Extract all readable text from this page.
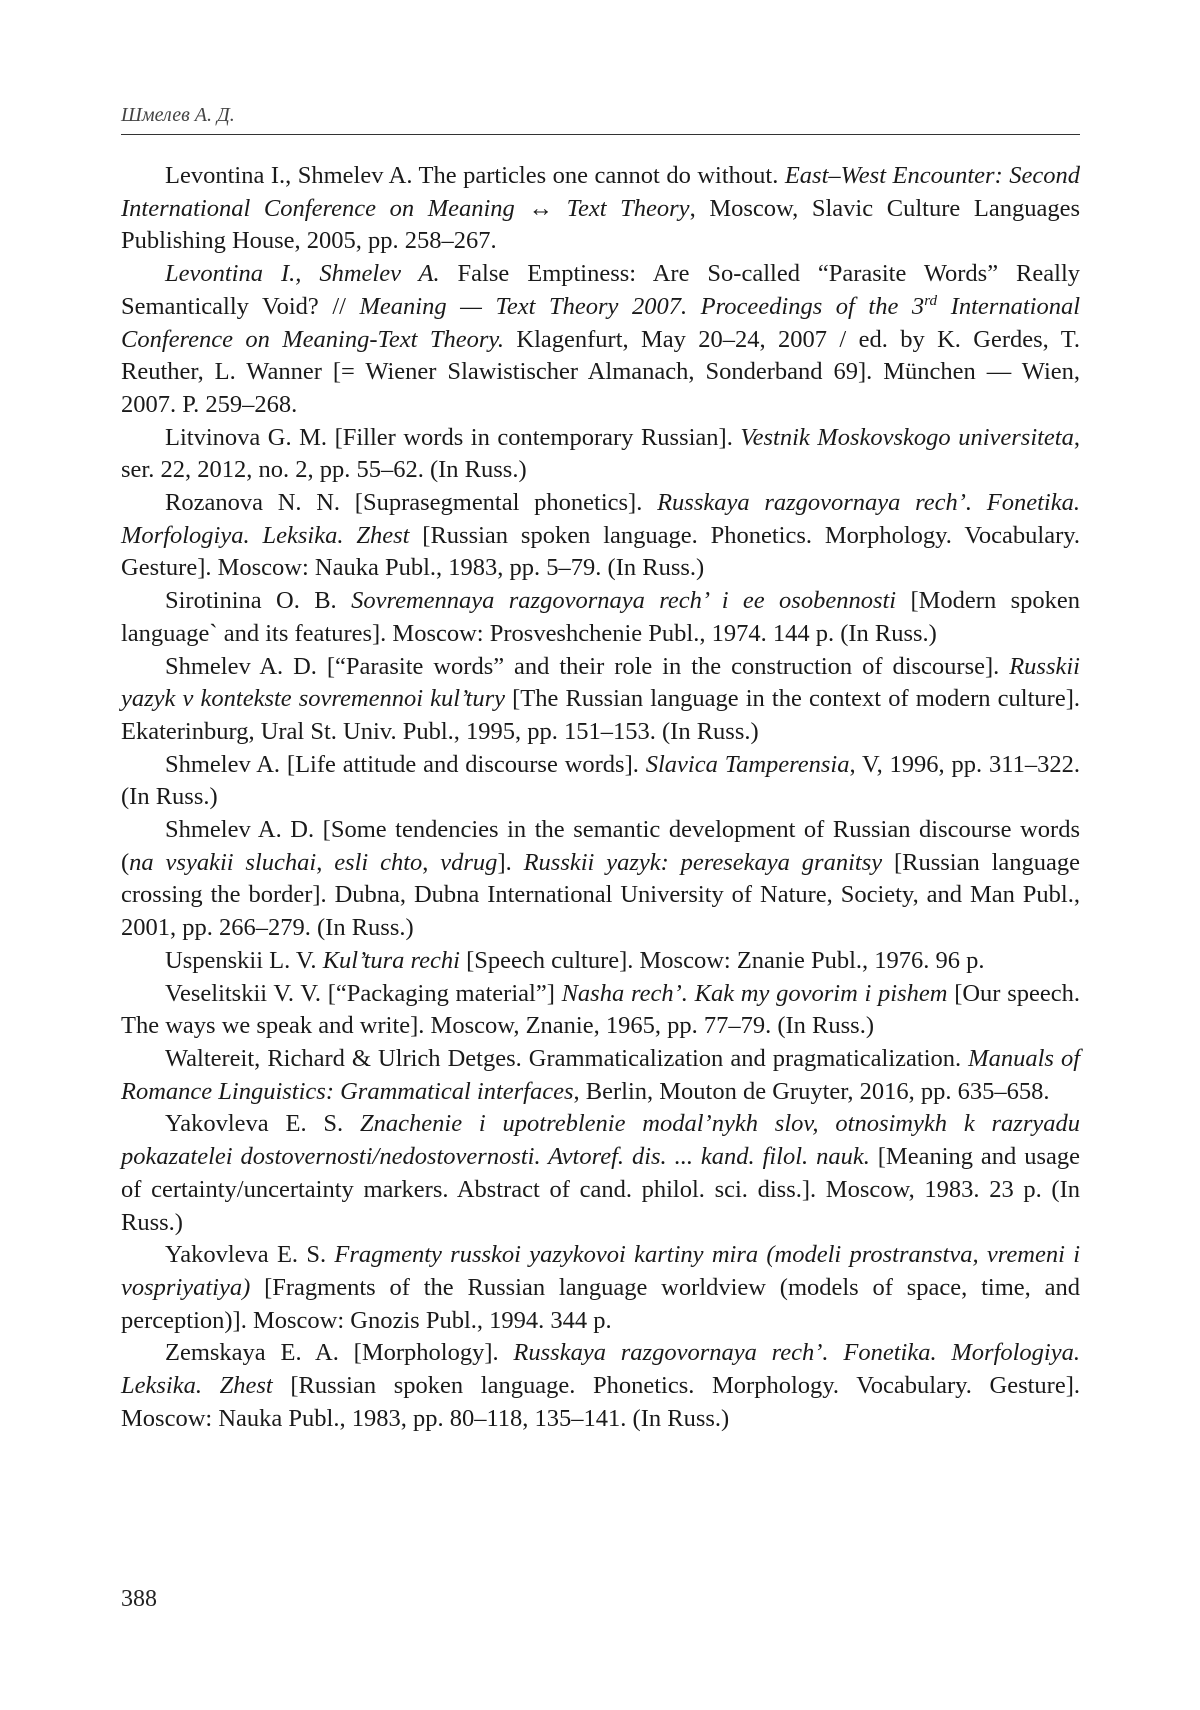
Шмелев А. Д.

Levontina I., Shmelev A. The particles one cannot do without. East–West Encounter: Second International Conference on Meaning ↔ Text Theory, Moscow, Slavic Culture Languages Publishing House, 2005, pp. 258–267.

Levontina I., Shmelev A. False Emptiness: Are So-called “Parasite Words” Really Semantically Void? // Meaning — Text Theory 2007. Proceedings of the 3rd International Conference on Meaning-Text Theory. Klagenfurt, May 20–24, 2007 / ed. by K. Gerdes, T. Reuther, L. Wanner [= Wiener Slawistischer Almanach, Sonderband 69]. München — Wien, 2007. P. 259–268.

Litvinova G. M. [Filler words in contemporary Russian]. Vestnik Moskovskogo universiteta, ser. 22, 2012, no. 2, pp. 55–62. (In Russ.)

Rozanova N. N. [Suprasegmental phonetics]. Russkaya razgovornaya rech’. Fonetika. Morfologiya. Leksika. Zhest [Russian spoken language. Phonetics. Morphology. Vocabulary. Gesture]. Moscow: Nauka Publ., 1983, pp. 5–79. (In Russ.)

Sirotinina O. B. Sovremennaya razgovornaya rech’ i ee osobennosti [Modern spoken language` and its features]. Moscow: Prosveshchenie Publ., 1974. 144 p. (In Russ.)

Shmelev A. D. [“Parasite words” and their role in the construction of discourse]. Russkii yazyk v kontekste sovremennoi kul’tury [The Russian language in the context of modern culture]. Ekaterinburg, Ural St. Univ. Publ., 1995, pp. 151–153. (In Russ.)

Shmelev A. [Life attitude and discourse words]. Slavica Tamperensia, V, 1996, pp. 311–322. (In Russ.)

Shmelev A. D. [Some tendencies in the semantic development of Russian discourse words (na vsyakii sluchai, esli chto, vdrug]. Russkii yazyk: peresekaya granitsy [Russian language crossing the border]. Dubna, Dubna International University of Nature, Society, and Man Publ., 2001, pp. 266–279. (In Russ.)

Uspenskii L. V. Kul’tura rechi [Speech culture]. Moscow: Znanie Publ., 1976. 96 p.

Veselitskii V. V. [“Packaging material”] Nasha rech’. Kak my govorim i pishem [Our speech. The ways we speak and write]. Moscow, Znanie, 1965, pp. 77–79. (In Russ.)

Waltereit, Richard & Ulrich Detges. Grammaticalization and pragmaticalization. Manuals of Romance Linguistics: Grammatical interfaces, Berlin, Mouton de Gruyter, 2016, pp. 635–658.

Yakovleva E. S. Znachenie i upotreblenie modal’nykh slov, otnosimykh k razryadu pokazatelei dostovernosti/nedostovernosti. Avtoref. dis. ... kand. filol. nauk. [Meaning and usage of certainty/uncertainty markers. Abstract of cand. philol. sci. diss.]. Moscow, 1983. 23 p. (In Russ.)

Yakovleva E. S. Fragmenty russkoi yazykovoi kartiny mira (modeli prostranstva, vremeni i vospriyatiya) [Fragments of the Russian language worldview (models of space, time, and perception)]. Moscow: Gnozis Publ., 1994. 344 p.

Zemskaya E. A. [Morphology]. Russkaya razgovornaya rech’. Fonetika. Morfologiya. Leksika. Zhest [Russian spoken language. Phonetics. Morphology. Vocabulary. Gesture]. Moscow: Nauka Publ., 1983, pp. 80–118, 135–141. (In Russ.)

388
